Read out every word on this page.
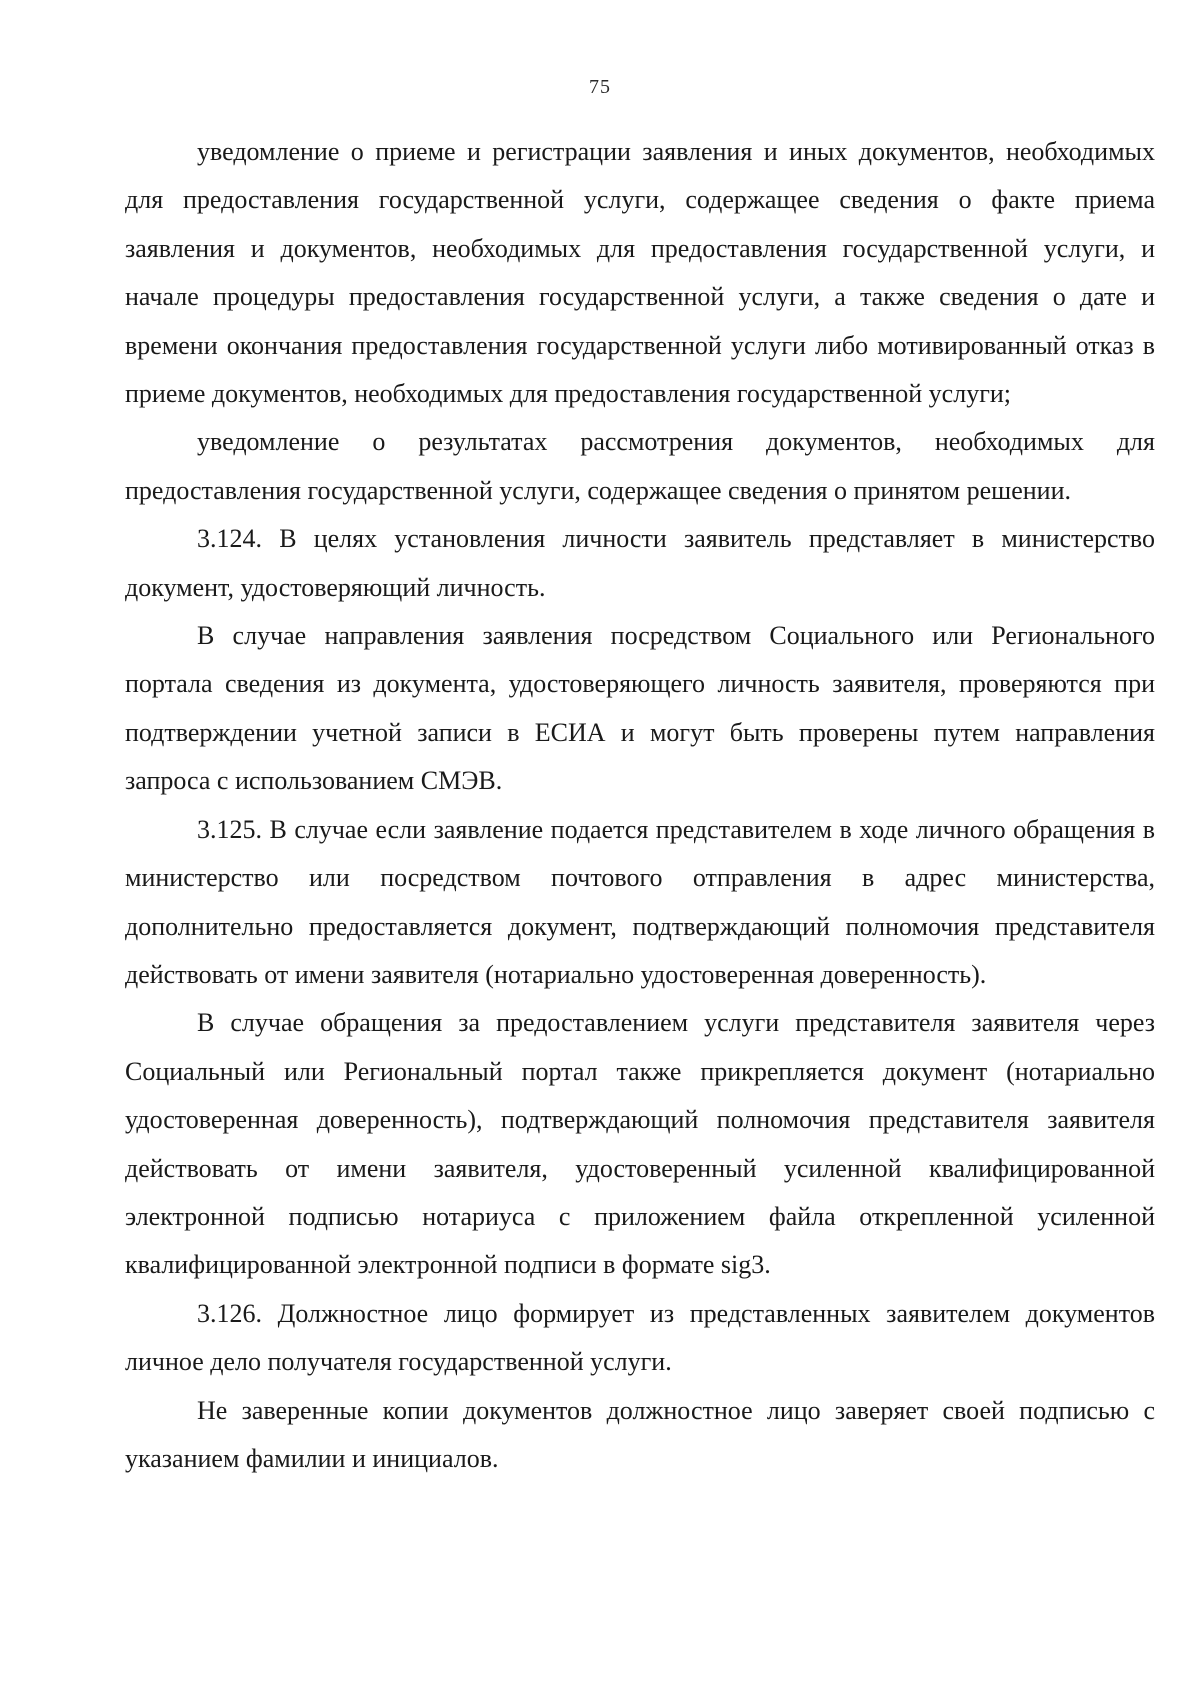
75

уведомление о приеме и регистрации заявления и иных документов, необходимых для предоставления государственной услуги, содержащее сведения о факте приема заявления и документов, необходимых для предоставления государственной услуги, и начале процедуры предоставления государственной услуги, а также сведения о дате и времени окончания предоставления государственной услуги либо мотивированный отказ в приеме документов, необходимых для предоставления государственной услуги;

уведомление о результатах рассмотрения документов, необходимых для предоставления государственной услуги, содержащее сведения о принятом решении.

3.124. В целях установления личности заявитель представляет в министерство документ, удостоверяющий личность.

В случае направления заявления посредством Социального или Регионального портала сведения из документа, удостоверяющего личность заявителя, проверяются при подтверждении учетной записи в ЕСИА и могут быть проверены путем направления запроса с использованием СМЭВ.

3.125. В случае если заявление подается представителем в ходе личного обращения в министерство или посредством почтового отправления в адрес министерства, дополнительно предоставляется документ, подтверждающий полномочия представителя действовать от имени заявителя (нотариально удостоверенная доверенность).

В случае обращения за предоставлением услуги представителя заявителя через Социальный или Региональный портал также прикрепляется документ (нотариально удостоверенная доверенность), подтверждающий полномочия представителя заявителя действовать от имени заявителя, удостоверенный усиленной квалифицированной электронной подписью нотариуса с приложением файла открепленной усиленной квалифицированной электронной подписи в формате sig3.

3.126. Должностное лицо формирует из представленных заявителем документов личное дело получателя государственной услуги.

Не заверенные копии документов должностное лицо заверяет своей подписью с указанием фамилии и инициалов.
